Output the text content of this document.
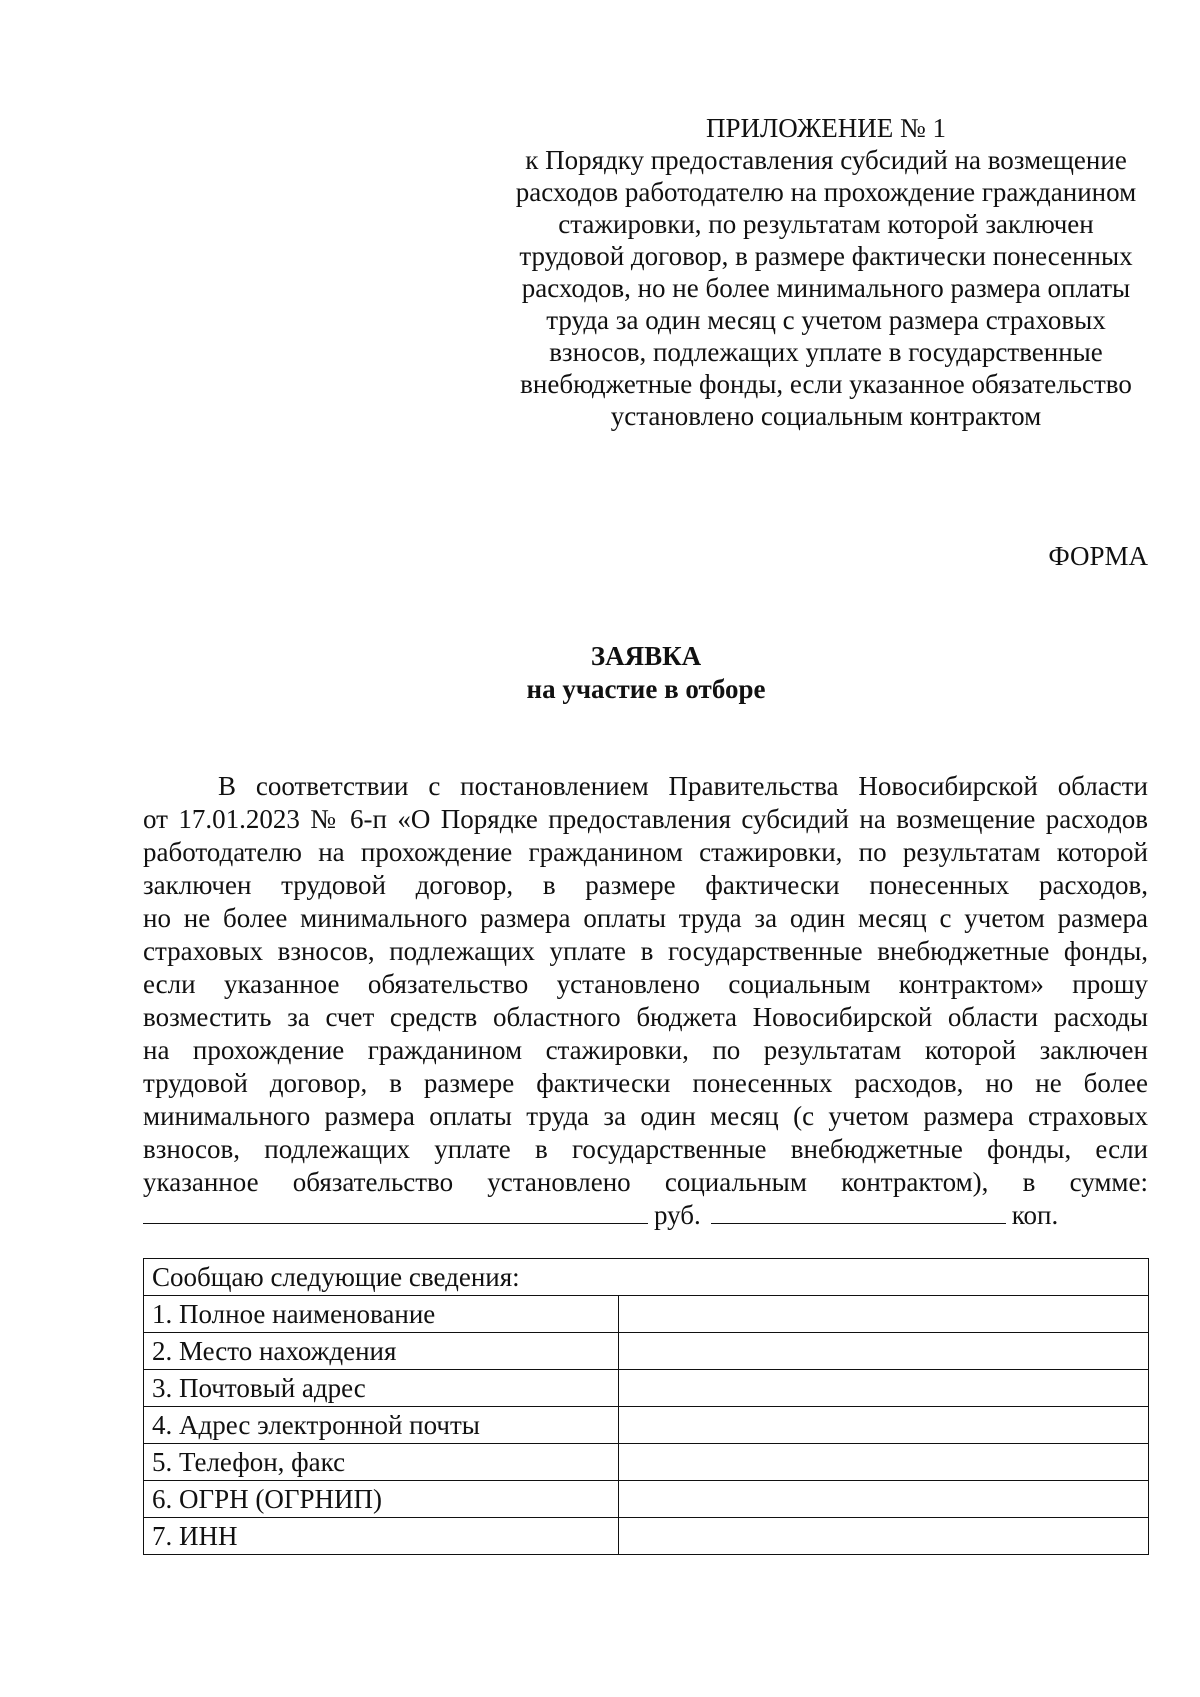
ПРИЛОЖЕНИЕ № 1
к Порядку предоставления субсидий на возмещение
расходов работодателю на прохождение гражданином
стажировки, по результатам которой заключен
трудовой договор, в размере фактически понесенных
расходов, но не более минимального размера оплаты
труда за один месяц с учетом размера страховых
взносов, подлежащих уплате в государственные
внебюджетные фонды, если указанное обязательство
установлено социальным контрактом
ФОРМА
ЗАЯВКА
на участие в отборе
В соответствии с постановлением Правительства Новосибирской области
от 17.01.2023 № 6-п «О Порядке предоставления субсидий на возмещение расходов
работодателю на прохождение гражданином стажировки, по результатам которой
заключен трудовой договор, в размере фактически понесенных расходов,
но не более минимального размера оплаты труда за один месяц с учетом размера
страховых взносов, подлежащих уплате в государственные внебюджетные фонды,
если указанное обязательство установлено социальным контрактом» прошу
возместить за счет средств областного бюджета Новосибирской области расходы
на прохождение гражданином стажировки, по результатам которой заключен
трудовой договор, в размере фактически понесенных расходов, но не более
минимального размера оплаты труда за один месяц (с учетом размера страховых
взносов, подлежащих уплате в государственные внебюджетные фонды, если
указанное обязательство установлено социальным контрактом), в сумме:
руб.	коп.
Сообщаю следующие сведения:	
1. Полное наименование	
2. Место нахождения	
3. Почтовый адрес	
4. Адрес электронной почты	
5. Телефон, факс	
6. ОГРН (ОГРНИП)	
7. ИНН	
